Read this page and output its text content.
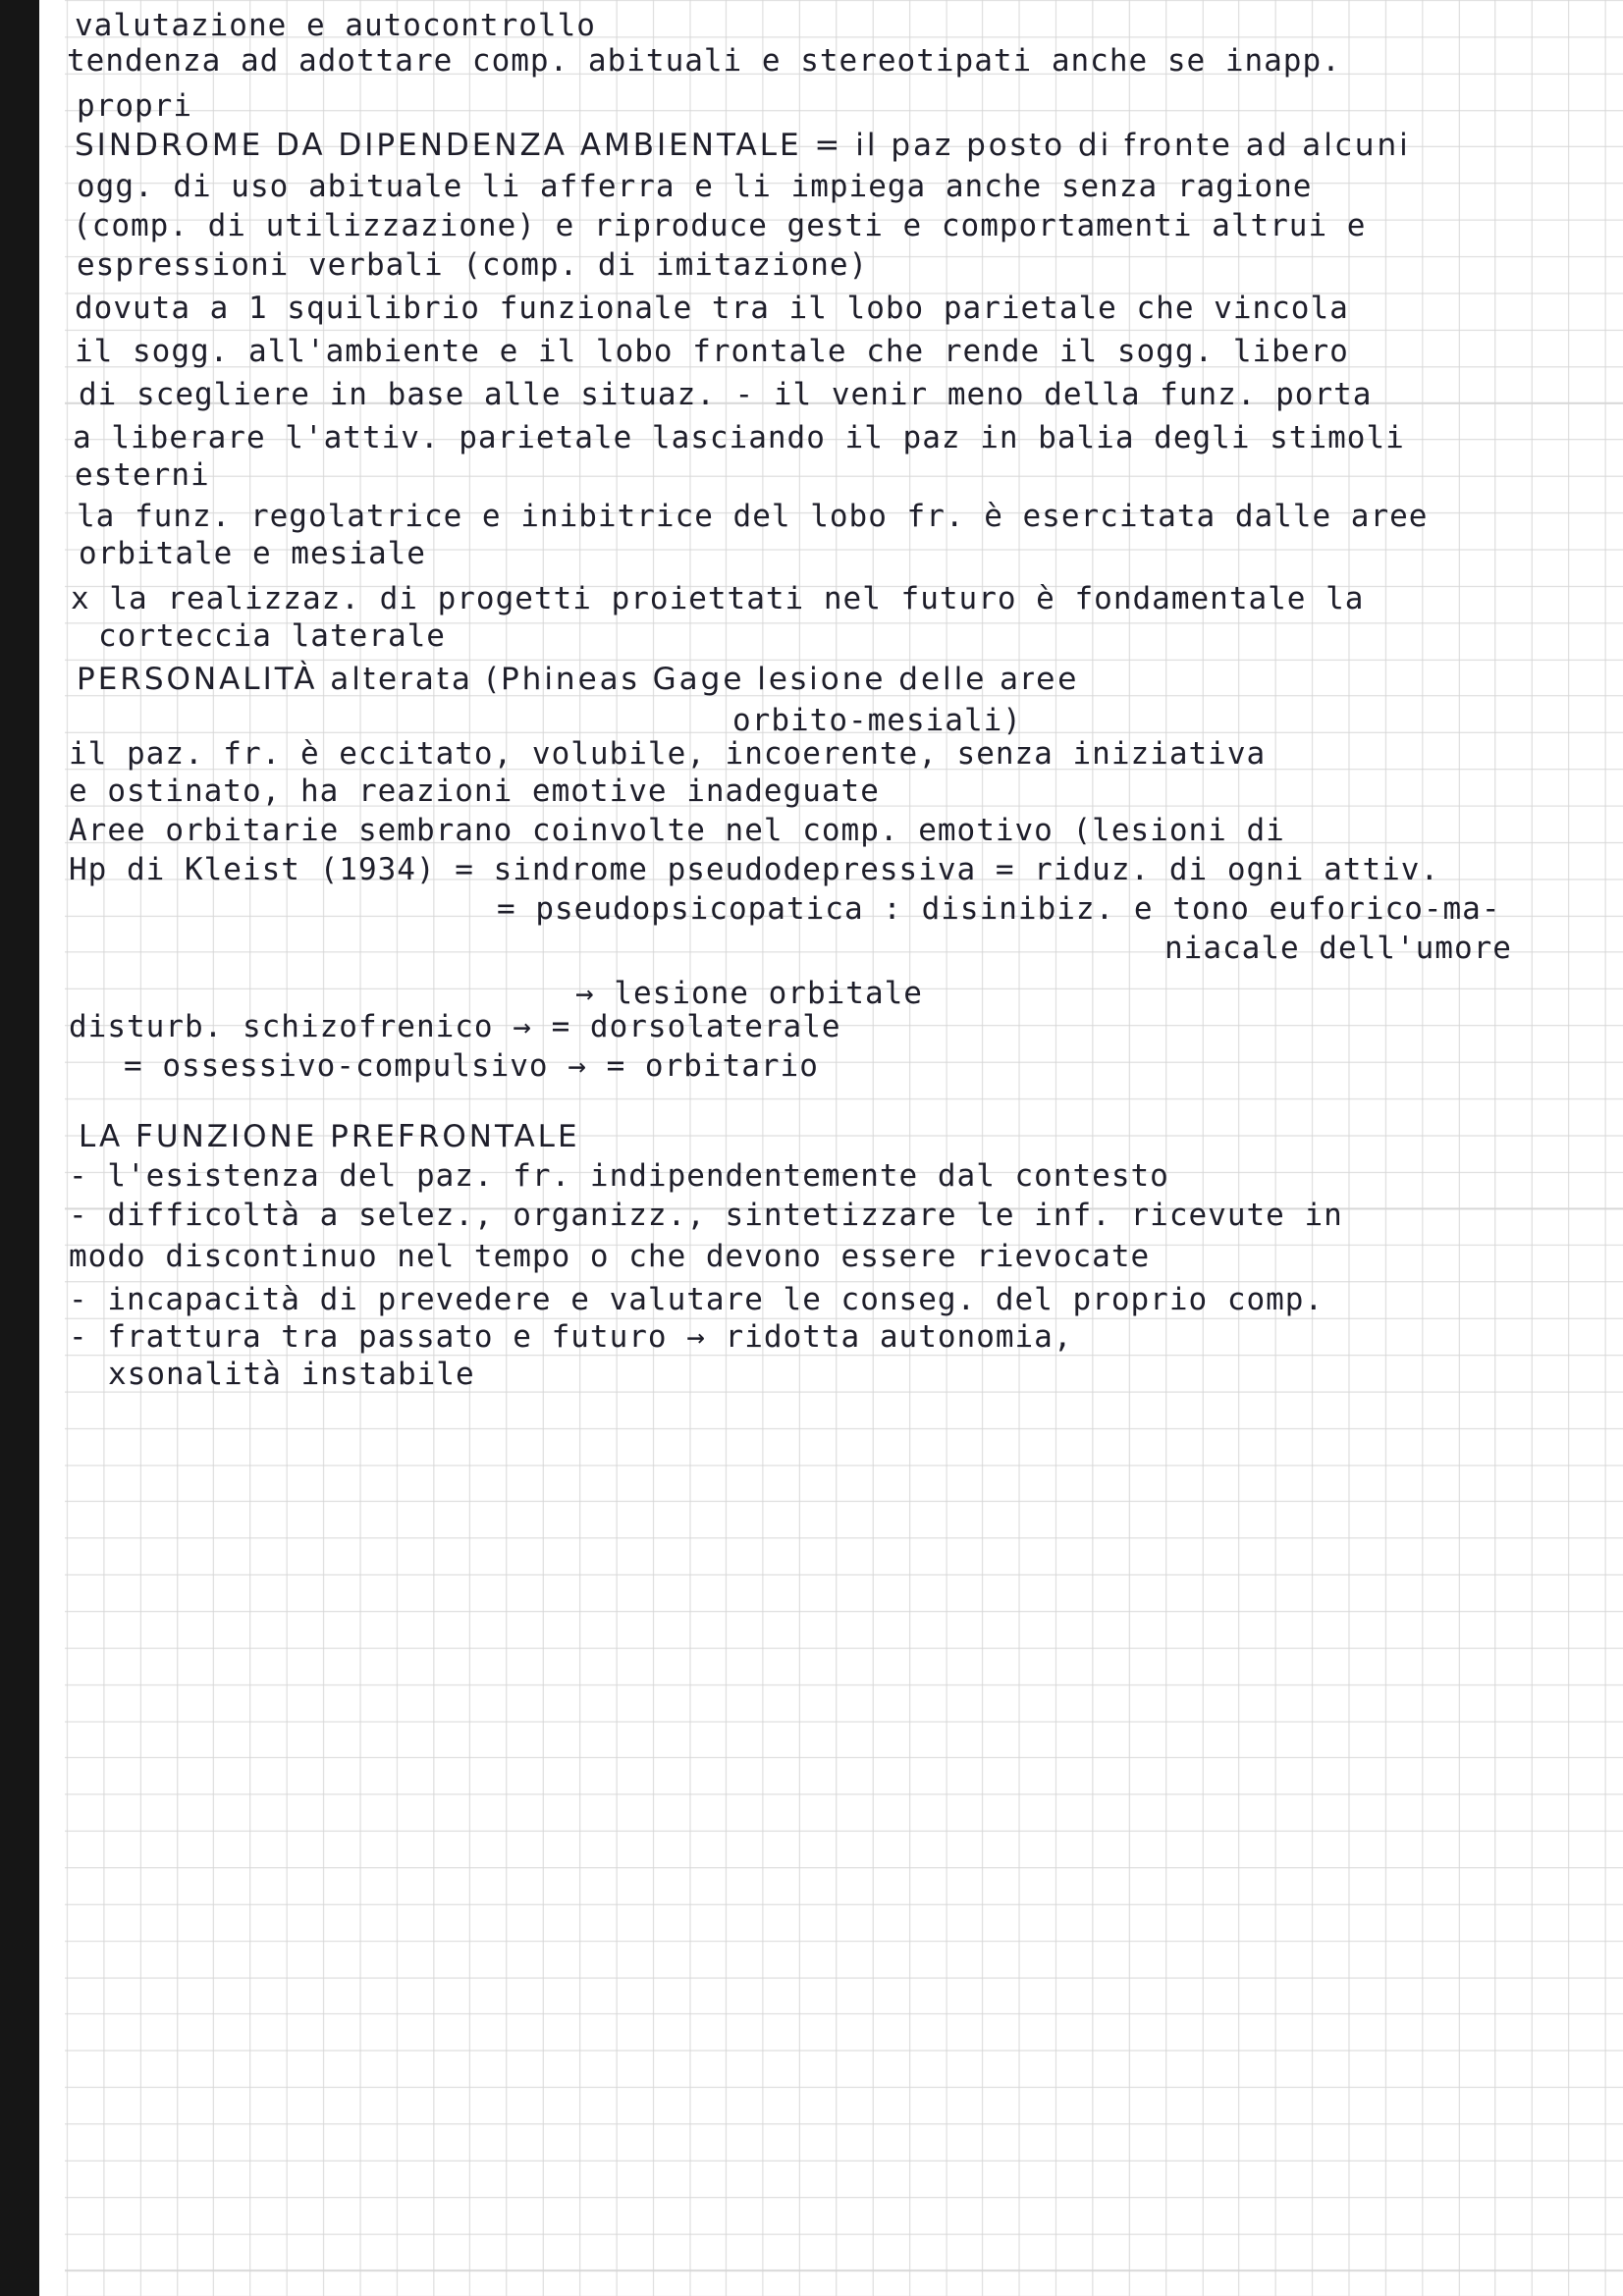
valutazione e autocontrollo
tendenza ad adottare comp. abituali e stereotipati anche se inapp.
propri
SINDROME DA DIPENDENZA AMBIENTALE = il paz posto di fronte ad alcuni
ogg. di uso abituale li afferra e li impiega anche senza ragione
(comp. di utilizzazione) e riproduce gesti e comportamenti altrui e
espressioni verbali (comp. di imitazione)
dovuta a 1 squilibrio funzionale tra il lobo parietale che vincola
il sogg. all'ambiente e il lobo frontale che rende il sogg. libero
di scegliere in base alle situaz. - il venir meno della funz. porta
a liberare l'attiv. parietale lasciando il paz in balia degli stimoli
esterni
la funz. regolatrice e inibitrice del lobo fr. è esercitata dalle aree
orbitale e mesiale
x la realizzaz. di progetti proiettati nel futuro è fondamentale la
corteccia laterale
PERSONALITÀ alterata (Phineas Gage lesione delle aree
orbito-mesiali)
il paz. fr. è eccitato, volubile, incoerente, senza iniziativa
e ostinato, ha reazioni emotive inadeguate
Aree orbitarie sembrano coinvolte nel comp. emotivo (lesioni di
Hp di Kleist (1934) = sindrome pseudodepressiva = riduz. di ogni attiv.
= pseudopsicopatica : disinibiz. e tono euforico-ma-
niacale dell'umore
→ lesione orbitale
disturb. schizofrenico → = dorsolaterale
= ossessivo-compulsivo → = orbitario
LA FUNZIONE PREFRONTALE
- l'esistenza del paz. fr. indipendentemente dal contesto
- difficoltà a selez., organizz., sintetizzare le inf. ricevute in
modo discontinuo nel tempo o che devono essere rievocate
- incapacità di prevedere e valutare le conseg. del proprio comp.
- frattura tra passato e futuro → ridotta autonomia,
xsonalità instabile
